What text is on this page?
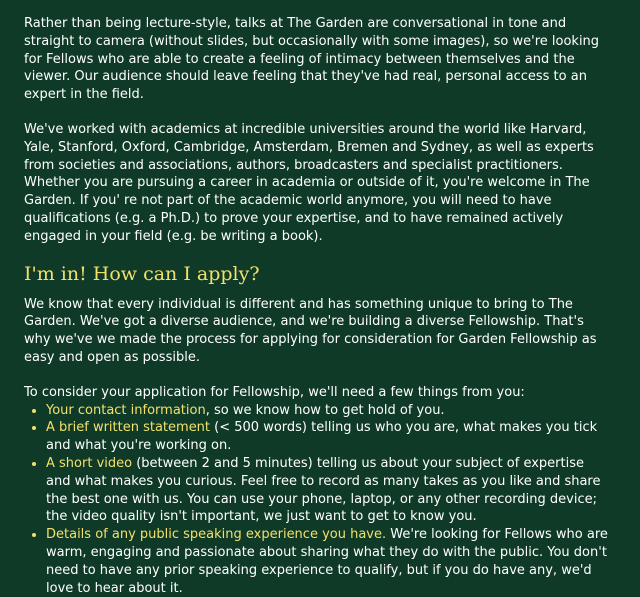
Rather than being lecture-style, talks at The Garden are conversational in tone and straight to camera (without slides, but occasionally with some images), so we're looking for Fellows who are able to create a feeling of intimacy between themselves and the viewer. Our audience should leave feeling that they've had real, personal access to an expert in the field.

We've worked with academics at incredible universities around the world like Harvard, Yale, Stanford, Oxford, Cambridge, Amsterdam, Bremen and Sydney, as well as experts from societies and associations, authors, broadcasters and specialist practitioners. Whether you are pursuing a career in academia or outside of it, you're welcome in The Garden. If you' re not part of the academic world anymore, you will need to have qualifications (e.g. a Ph.D.) to prove your expertise, and to have remained actively engaged in your field (e.g. be writing a book).

I'm in! How can I apply?

We know that every individual is different and has something unique to bring to The Garden. We've got a diverse audience, and we're building a diverse Fellowship. That's why we've we made the process for applying for consideration for Garden Fellowship as easy and open as possible.

To consider your application for Fellowship, we'll need a few things from you:

• Your contact information, so we know how to get hold of you.
• A brief written statement (< 500 words) telling us who you are, what makes you tick and what you're working on.
• A short video (between 2 and 5 minutes) telling us about your subject of expertise and what makes you curious. Feel free to record as many takes as you like and share the best one with us. You can use your phone, laptop, or any other recording device; the video quality isn't important, we just want to get to know you.
• Details of any public speaking experience you have. We're looking for Fellows who are warm, engaging and passionate about sharing what they do with the public. You don't need to have any prior speaking experience to qualify, but if you do have any, we'd love to hear about it.
